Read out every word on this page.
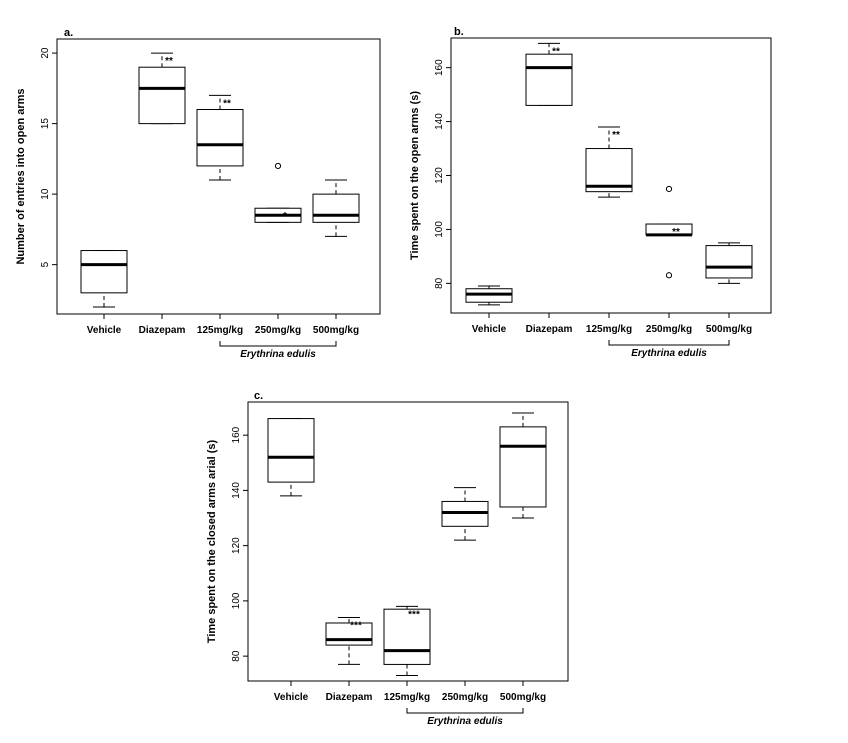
a.
5
10
15
20
Number of entries into open arms
Vehicle Diazepam 125mg/kg 250mg/kg 500mg/kg
Erythrina edulis
**
**
*
b.
80
100
120
140
160
Time spent on the open arms (s)
Vehicle Diazepam 125mg/kg 250mg/kg 500mg/kg
Erythrina edulis
**
**
**
c.
80
100
120
140
160
Time spent on the closed arms arial (s)
Vehicle Diazepam 125mg/kg 250mg/kg 500mg/kg
Erythrina edulis
***
***
